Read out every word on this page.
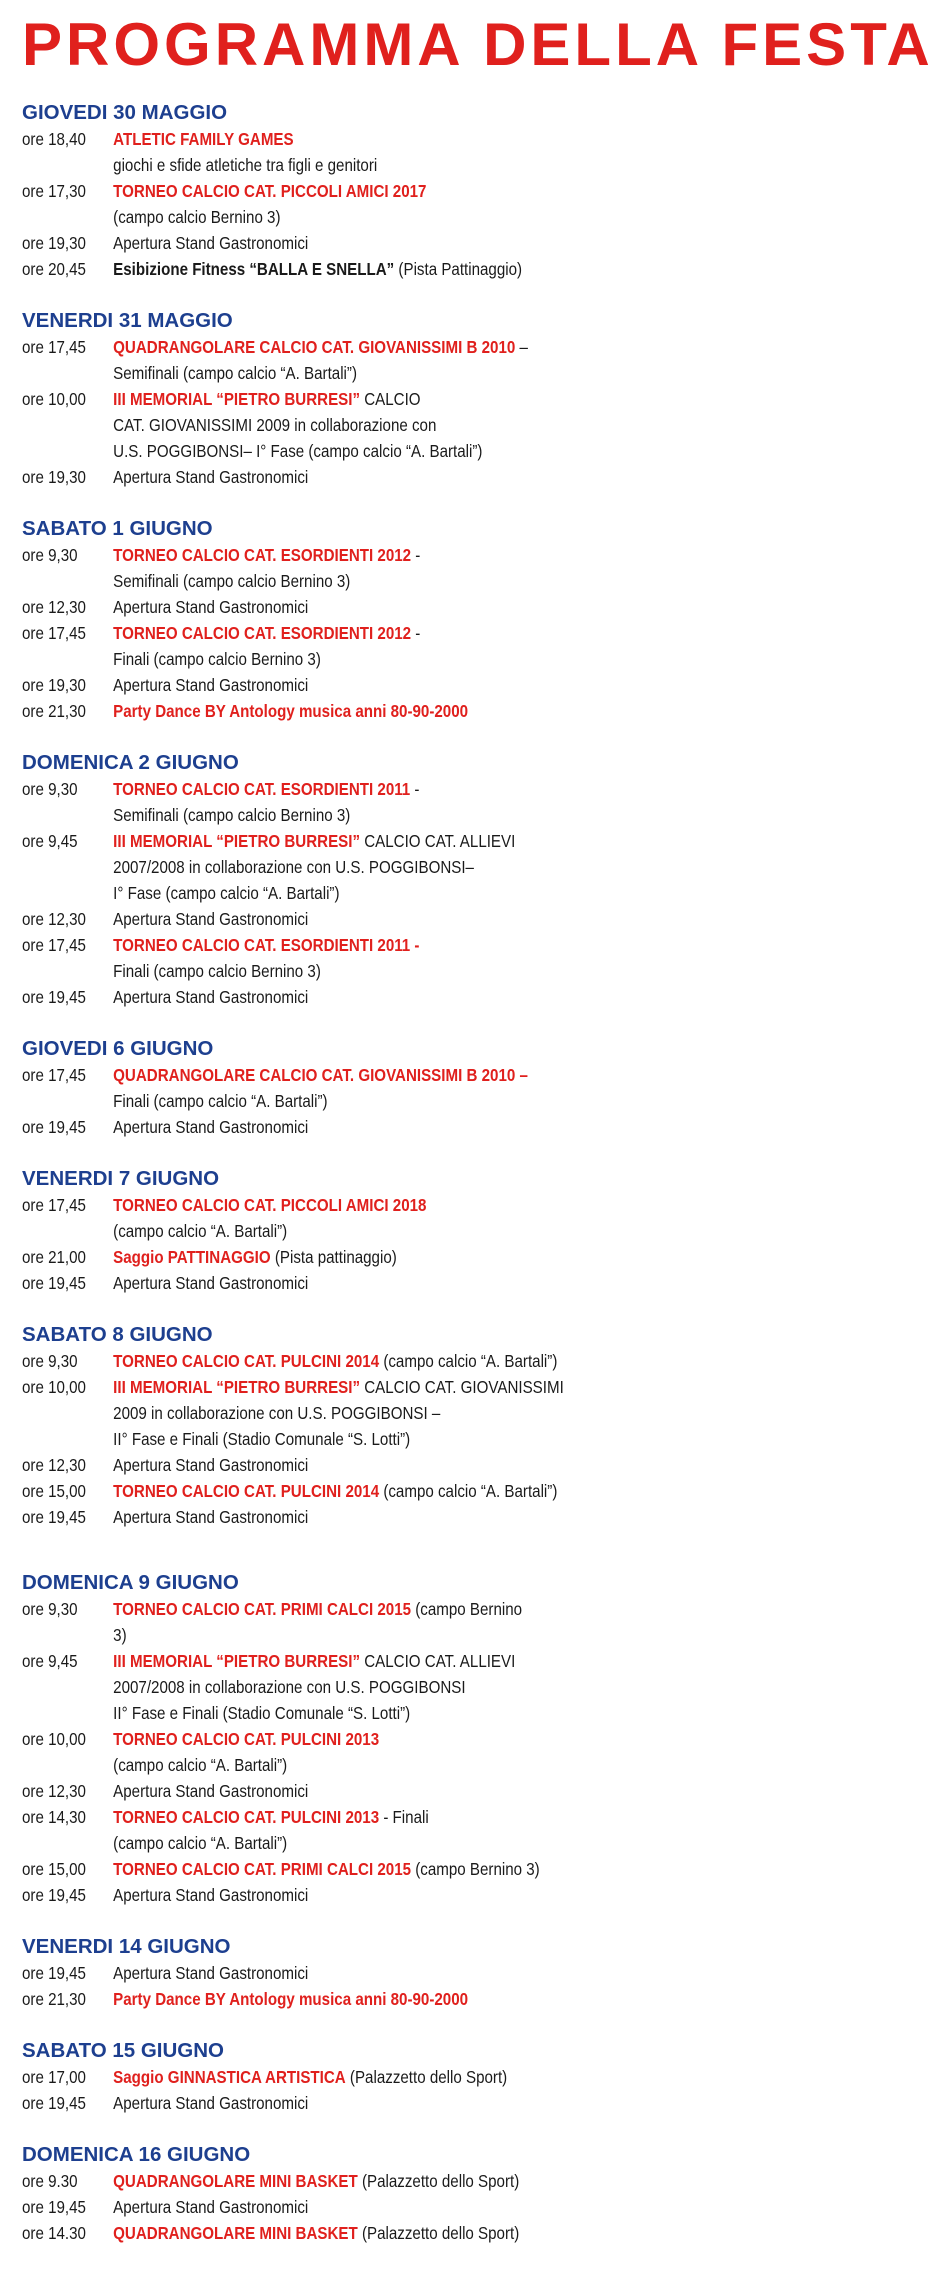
PROGRAMMA DELLA FESTA
GIOVEDI 30 MAGGIO
ore 18,40 ATLETIC FAMILY GAMES
giochi e sfide atletiche tra figli e genitori
ore 17,30 TORNEO CALCIO CAT. PICCOLI AMICI 2017
(campo calcio Bernino 3)
ore 19,30 Apertura Stand Gastronomici
ore 20,45 Esibizione Fitness “BALLA E SNELLA” (Pista Pattinaggio)
VENERDI 31 MAGGIO
ore 17,45 QUADRANGOLARE CALCIO CAT. GIOVANISSIMI B 2010 –
Semifinali (campo calcio “A. Bartali”)
ore 10,00 III MEMORIAL “PIETRO BURRESI” CALCIO
CAT. GIOVANISSIMI 2009 in collaborazione con
U.S. POGGIBONSI– I° Fase (campo calcio “A. Bartali”)
ore 19,30 Apertura Stand Gastronomici
SABATO 1 GIUGNO
ore 9,30 TORNEO CALCIO CAT. ESORDIENTI 2012 -
Semifinali (campo calcio Bernino 3)
ore 12,30 Apertura Stand Gastronomici
ore 17,45 TORNEO CALCIO CAT. ESORDIENTI 2012 -
Finali (campo calcio Bernino 3)
ore 19,30 Apertura Stand Gastronomici
ore 21,30 Party Dance BY Antology musica anni 80-90-2000
DOMENICA 2 GIUGNO
ore 9,30 TORNEO CALCIO CAT. ESORDIENTI 2011 -
Semifinali (campo calcio Bernino 3)
ore 9,45 III MEMORIAL “PIETRO BURRESI” CALCIO CAT. ALLIEVI
2007/2008 in collaborazione con U.S. POGGIBONSI–
I° Fase (campo calcio “A. Bartali”)
ore 12,30 Apertura Stand Gastronomici
ore 17,45 TORNEO CALCIO CAT. ESORDIENTI 2011 -
Finali (campo calcio Bernino 3)
ore 19,45 Apertura Stand Gastronomici
GIOVEDI 6 GIUGNO
ore 17,45 QUADRANGOLARE CALCIO CAT. GIOVANISSIMI B 2010 –
Finali (campo calcio “A. Bartali”)
ore 19,45 Apertura Stand Gastronomici
VENERDI 7 GIUGNO
ore 17,45 TORNEO CALCIO CAT. PICCOLI AMICI 2018
(campo calcio “A. Bartali”)
ore 21,00 Saggio PATTINAGGIO (Pista pattinaggio)
ore 19,45 Apertura Stand Gastronomici
SABATO 8 GIUGNO
ore 9,30 TORNEO CALCIO CAT. PULCINI 2014 (campo calcio “A. Bartali”)
ore 10,00 III MEMORIAL “PIETRO BURRESI” CALCIO CAT. GIOVANISSIMI
2009 in collaborazione con U.S. POGGIBONSI –
II° Fase e Finali (Stadio Comunale “S. Lotti”)
ore 12,30 Apertura Stand Gastronomici
ore 15,00 TORNEO CALCIO CAT. PULCINI 2014 (campo calcio “A. Bartali”)
ore 19,45 Apertura Stand Gastronomici
DOMENICA 9 GIUGNO
ore 9,30 TORNEO CALCIO CAT. PRIMI CALCI 2015 (campo Bernino
3)
ore 9,45 III MEMORIAL “PIETRO BURRESI” CALCIO CAT. ALLIEVI
2007/2008 in collaborazione con U.S. POGGIBONSI
II° Fase e Finali (Stadio Comunale “S. Lotti”)
ore 10,00 TORNEO CALCIO CAT. PULCINI 2013
(campo calcio “A. Bartali”)
ore 12,30 Apertura Stand Gastronomici
ore 14,30 TORNEO CALCIO CAT. PULCINI 2013 - Finali
(campo calcio “A. Bartali”)
ore 15,00 TORNEO CALCIO CAT. PRIMI CALCI 2015 (campo Bernino 3)
ore 19,45 Apertura Stand Gastronomici
VENERDI 14 GIUGNO
ore 19,45 Apertura Stand Gastronomici
ore 21,30 Party Dance BY Antology musica anni 80-90-2000
SABATO 15 GIUGNO
ore 17,00 Saggio GINNASTICA ARTISTICA (Palazzetto dello Sport)
ore 19,45 Apertura Stand Gastronomici
DOMENICA 16 GIUGNO
ore 9.30 QUADRANGOLARE MINI BASKET (Palazzetto dello Sport)
ore 19,45 Apertura Stand Gastronomici
ore 14.30 QUADRANGOLARE MINI BASKET (Palazzetto dello Sport)
